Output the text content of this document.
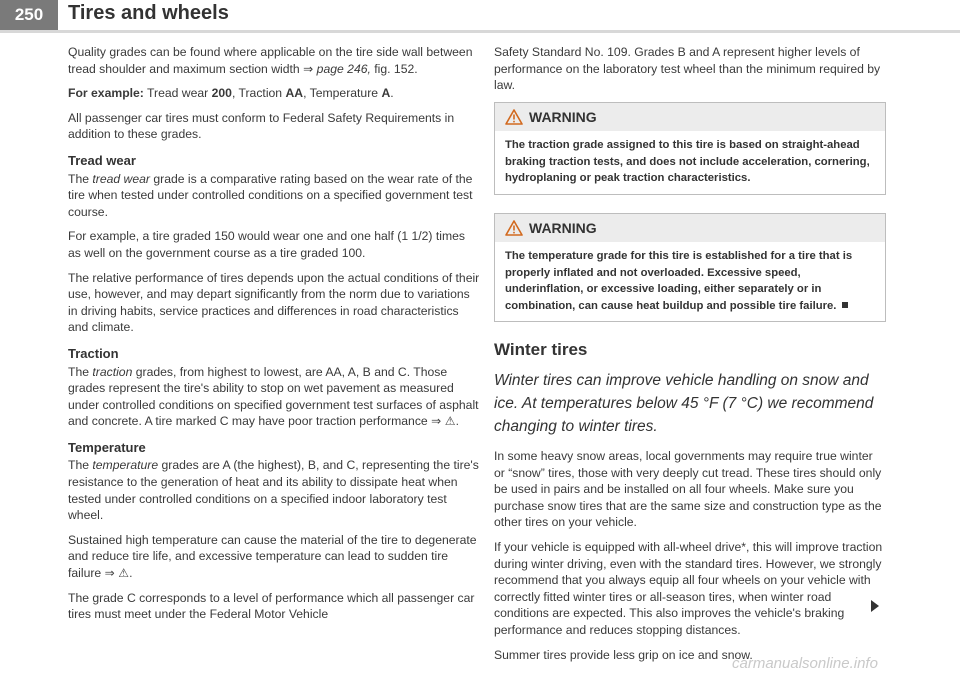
250	Tires and wheels

Quality grades can be found where applicable on the tire side wall between tread shoulder and maximum section width ⇒ page 246, fig. 152.

For example: Tread wear 200, Traction AA, Temperature A.

All passenger car tires must conform to Federal Safety Requirements in addition to these grades.

Tread wear

The tread wear grade is a comparative rating based on the wear rate of the tire when tested under controlled conditions on a specified government test course.

For example, a tire graded 150 would wear one and one half (1 1/2) times as well on the government course as a tire graded 100.

The relative performance of tires depends upon the actual conditions of their use, however, and may depart significantly from the norm due to variations in driving habits, service practices and differences in road characteristics and climate.

Traction

The traction grades, from highest to lowest, are AA, A, B and C. Those grades represent the tire's ability to stop on wet pavement as measured under controlled conditions on specified government test surfaces of asphalt and concrete. A tire marked C may have poor traction performance ⇒ ⚠.

Temperature

The temperature grades are A (the highest), B, and C, representing the tire's resistance to the generation of heat and its ability to dissipate heat when tested under controlled conditions on a specified indoor laboratory test wheel.

Sustained high temperature can cause the material of the tire to degenerate and reduce tire life, and excessive temperature can lead to sudden tire failure ⇒ ⚠.

The grade C corresponds to a level of performance which all passenger car tires must meet under the Federal Motor Vehicle

Safety Standard No. 109. Grades B and A represent higher levels of performance on the laboratory test wheel than the minimum required by law.

WARNING
The traction grade assigned to this tire is based on straight-ahead braking traction tests, and does not include acceleration, cornering, hydroplaning or peak traction characteristics.
WARNING
The temperature grade for this tire is established for a tire that is properly inflated and not overloaded. Excessive speed, underinflation, or excessive loading, either separately or in combination, can cause heat buildup and possible tire failure.
Winter tires

Winter tires can improve vehicle handling on snow and ice. At temperatures below 45 °F (7 °C) we recommend changing to winter tires.

In some heavy snow areas, local governments may require true winter or “snow” tires, those with very deeply cut tread. These tires should only be used in pairs and be installed on all four wheels. Make sure you purchase snow tires that are the same size and construction type as the other tires on your vehicle.

If your vehicle is equipped with all-wheel drive*, this will improve traction during winter driving, even with the standard tires. However, we strongly recommend that you always equip all four wheels on your vehicle with correctly fitted winter tires or all-season tires, when winter road conditions are expected. This also improves the vehicle's braking performance and reduces stopping distances.

Summer tires provide less grip on ice and snow.

carmanualsonline.info
